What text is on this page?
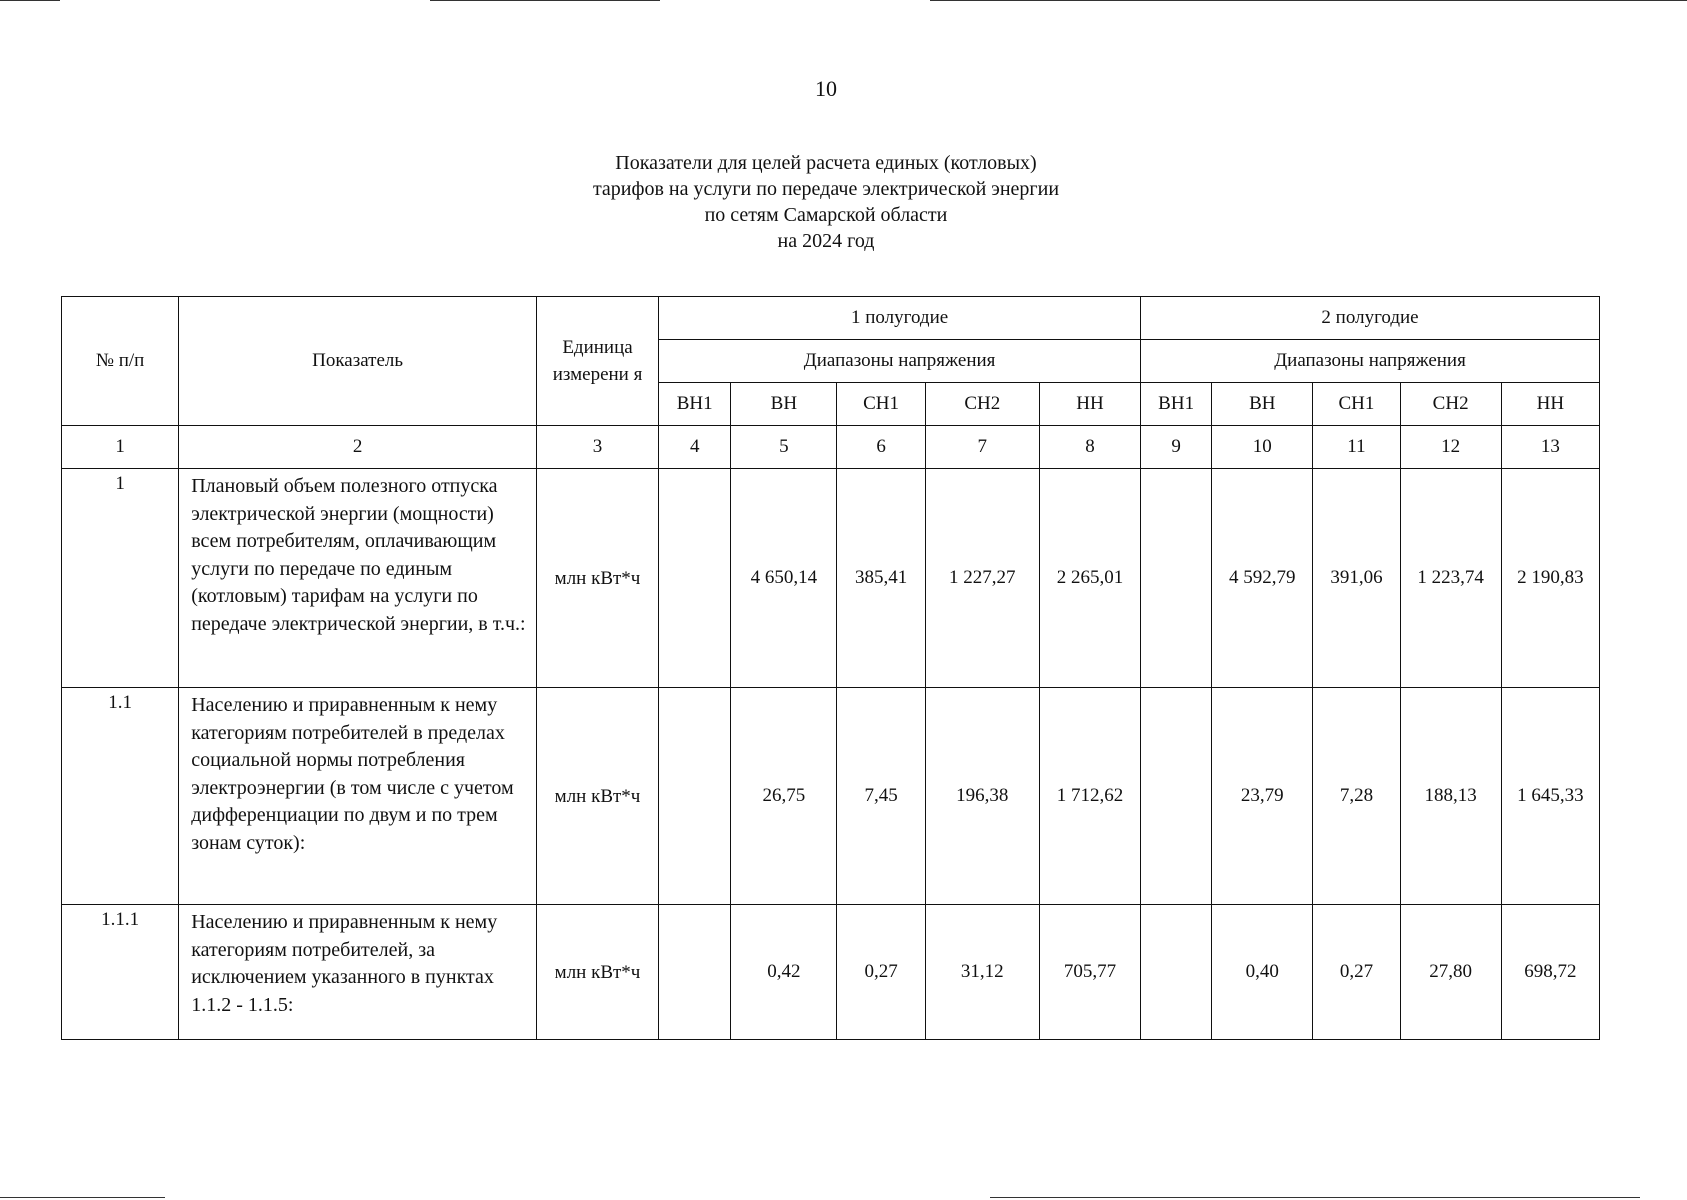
10
Показатели для целей расчета единых (котловых)
тарифов на услуги по передаче электрической энергии
по сетям Самарской области
на 2024 год
№ п/п	Показатель	Единица измерени я	1 полугодие					2 полугодие				
			Диапазоны напряжения					Диапазоны напряжения				
			ВН1	ВН	СН1	СН2	НН	ВН1	ВН	СН1	СН2	НН
1	2	3	4	5	6	7	8	9	10	11	12	13
1	Плановый объем полезного отпуска электрической энергии (мощности) всем потребителям, оплачивающим услуги по передаче по единым (котловым) тарифам на услуги по передаче электрической энергии, в т.ч.:	млн кВт*ч		4 650,14	385,41	1 227,27	2 265,01		4 592,79	391,06	1 223,74	2 190,83
1.1	Населению и приравненным к нему категориям потребителей в пределах социальной нормы потребления электроэнергии (в том числе с учетом дифференциации по двум и по трем зонам суток):	млн кВт*ч		26,75	7,45	196,38	1 712,62		23,79	7,28	188,13	1 645,33
1.1.1	Населению и приравненным к нему категориям потребителей, за исключением указанного в пунктах 1.1.2 - 1.1.5:	млн кВт*ч		0,42	0,27	31,12	705,77		0,40	0,27	27,80	698,72
